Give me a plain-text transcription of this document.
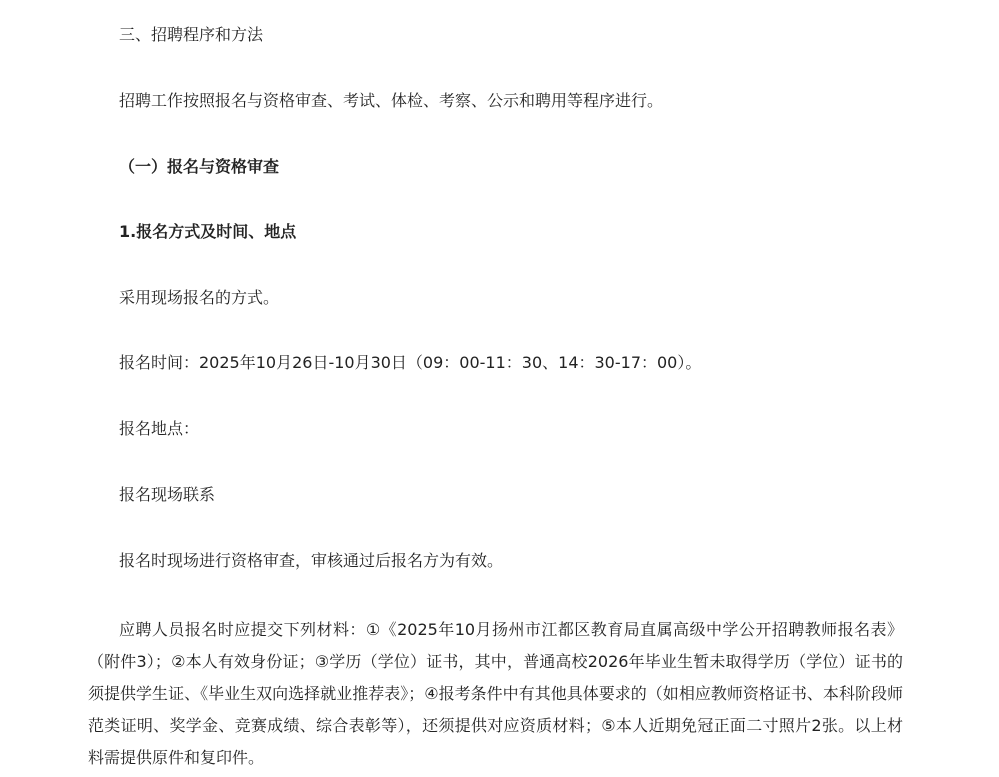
三、招聘程序和方法
招聘工作按照报名与资格审查、考试、体检、考察、公示和聘用等程序进行。
（一）报名与资格审查
1.报名方式及时间、地点
采用现场报名的方式。
报名时间：2025年10月26日-10月30日（09：00-11：30、14：30-17：00）。
报名地点：
报名现场联系
报名时现场进行资格审查，审核通过后报名方为有效。
应聘人员报名时应提交下列材料：①《2025年10月扬州市江都区教育局直属高级中学公开招聘教师报名表》（附件3）；②本人有效身份证；③学历（学位）证书，其中，普通高校2026年毕业生暂未取得学历（学位）证书的须提供学生证、《毕业生双向选择就业推荐表》；④报考条件中有其他具体要求的（如相应教师资格证书、本科阶段师范类证明、奖学金、竞赛成绩、综合表彰等），还须提供对应资质材料；⑤本人近期免冠正面二寸照片2张。以上材料需提供原件和复印件。
